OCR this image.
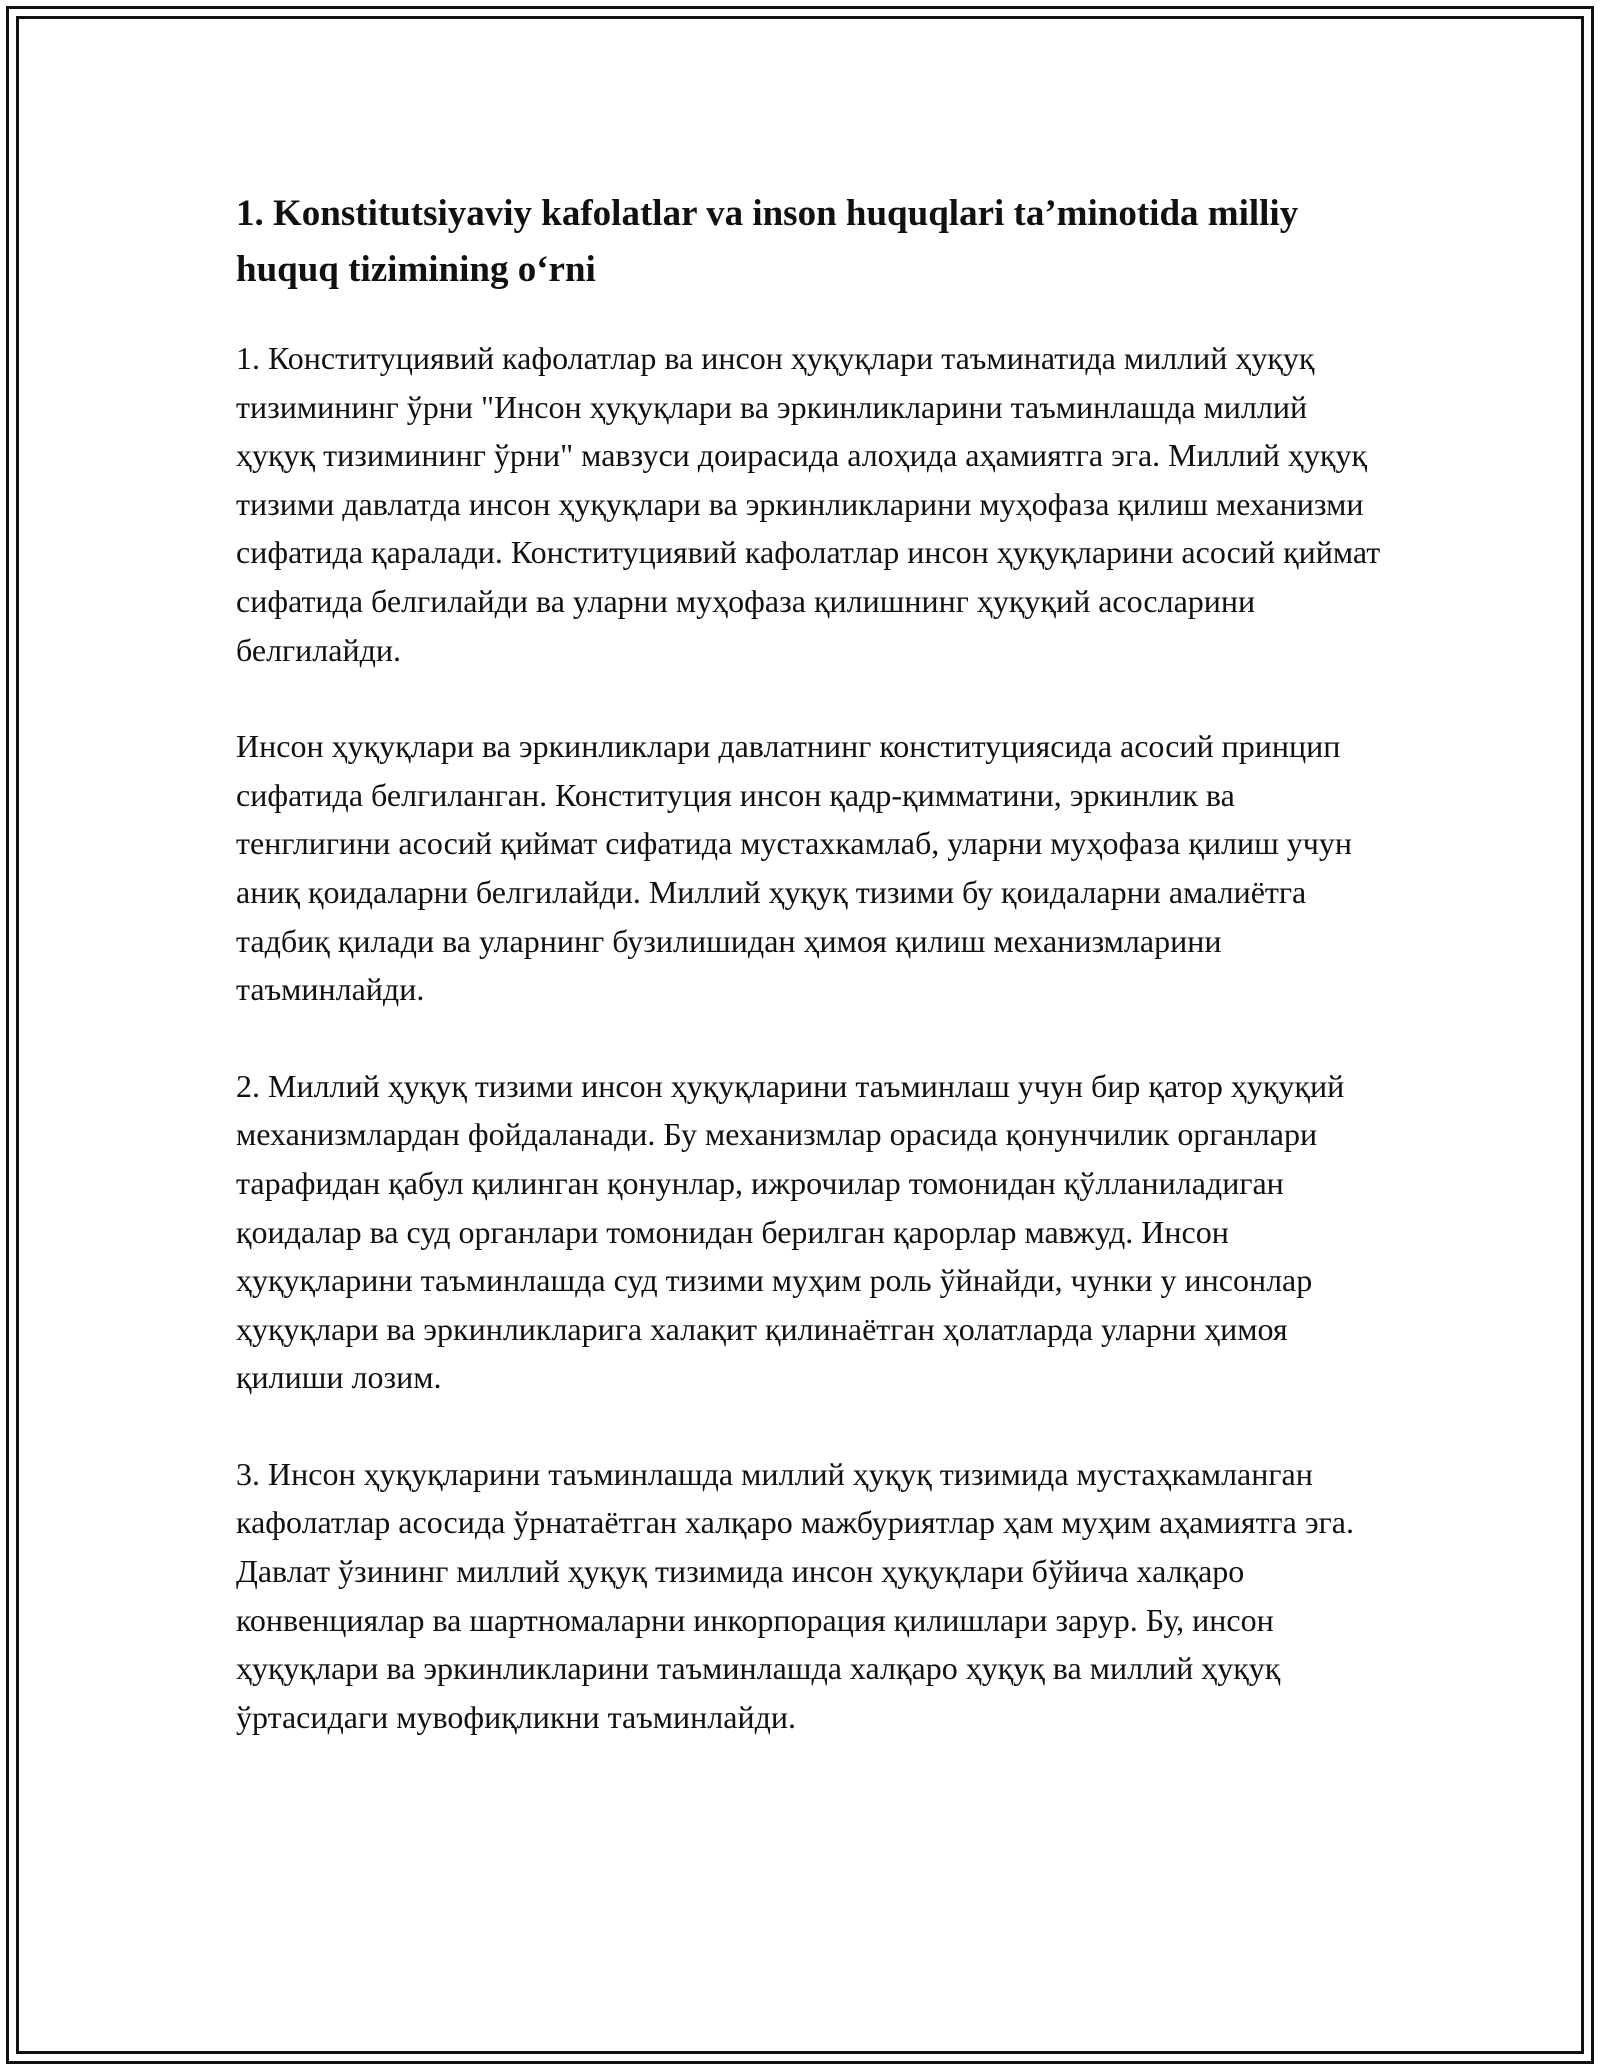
1. Konstitutsiyaviy kafolatlar va inson huquqlari ta’minotida milliy huquq tizimining o‘rni

1. Конституциявий кафолатлар ва инсон ҳуқуқлари таъминатида миллий ҳуқуқ тизимининг ўрни "Инсон ҳуқуқлари ва эркинликларини таъминлашда миллий ҳуқуқ тизимининг ўрни" мавзуси доирасида алоҳида аҳамиятга эга. Миллий ҳуқуқ тизими давлатда инсон ҳуқуқлари ва эркинликларини муҳофаза қилиш механизми сифатида қаралади. Конституциявий кафолатлар инсон ҳуқуқларини асосий қиймат сифатида белгилайди ва уларни муҳофаза қилишнинг ҳуқуқий асосларини белгилайди.

Инсон ҳуқуқлари ва эркинликлари давлатнинг конституциясида асосий принцип сифатида белгиланган. Конституция инсон қадр-қимматини, эркинлик ва тенглигини асосий қиймат сифатида мустахкамлаб, уларни муҳофаза қилиш учун аниқ қоидаларни белгилайди. Миллий ҳуқуқ тизими бу қоидаларни амалиётга тадбиқ қилади ва уларнинг бузилишидан ҳимоя қилиш механизмларини таъминлайди.

2. Миллий ҳуқуқ тизими инсон ҳуқуқларини таъминлаш учун бир қатор ҳуқуқий механизмлардан фойдаланади. Бу механизмлар орасида қонунчилик органлари тарафидан қабул қилинган қонунлар, ижрочилар томонидан қўлланиладиган қоидалар ва суд органлари томонидан берилган қарорлар мавжуд. Инсон ҳуқуқларини таъминлашда суд тизими муҳим роль ўйнайди, чунки у инсонлар ҳуқуқлари ва эркинликларига халақит қилинаётган ҳолатларда уларни ҳимоя қилиши лозим.

3. Инсон ҳуқуқларини таъминлашда миллий ҳуқуқ тизимида мустаҳкамланган кафолатлар асосида ўрнатаётган халқаро мажбуриятлар ҳам муҳим аҳамиятга эга. Давлат ўзининг миллий ҳуқуқ тизимида инсон ҳуқуқлари бўйича халқаро конвенциялар ва шартномаларни инкорпорация қилишлари зарур. Бу, инсон ҳуқуқлари ва эркинликларини таъминлашда халқаро ҳуқуқ ва миллий ҳуқуқ ўртасидаги мувофиқликни таъминлайди.
